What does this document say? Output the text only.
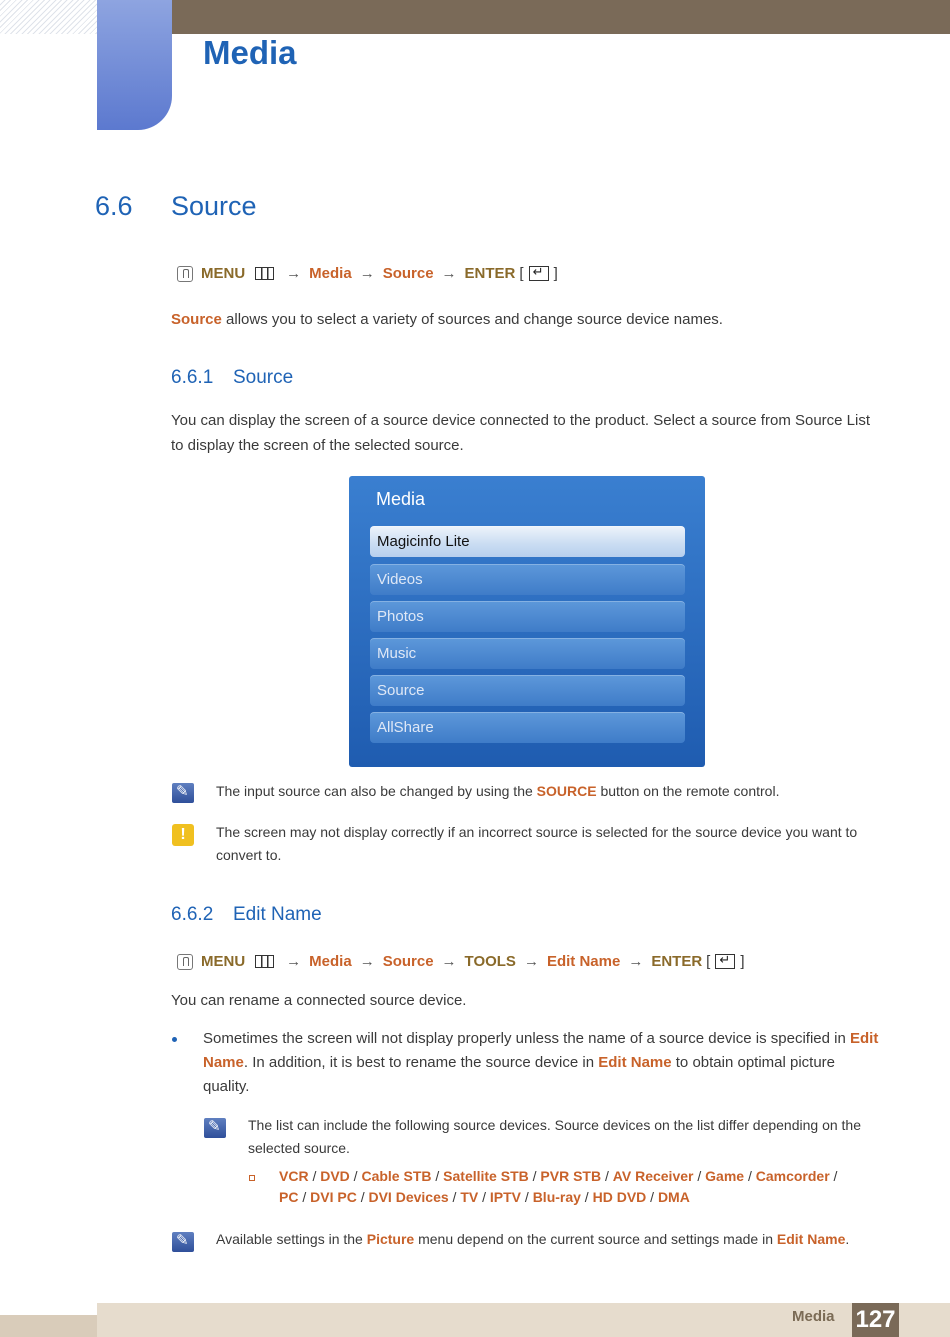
Media
6.6 Source
MENU	→ Media → Source → ENTER [ ↵ ]
Source allows you to select a variety of sources and change source device names.
6.6.1 Source
You can display the screen of a source device connected to the product. Select a source from Source List to display the screen of the selected source.
Media
Magicinfo Lite
Videos
Photos
Music
Source
AllShare
✎
The input source can also be changed by using the SOURCE button on the remote control.
!	The screen may not display correctly if an incorrect source is selected for the source device you want to convert to.
6.6.2 Edit Name
MENU	→ Media → Source → TOOLS → Edit Name → ENTER [ ↵ ]
You can rename a connected source device.
Sometimes the screen will not display properly unless the name of a source device is specified in Edit Name. In addition, it is best to rename the source device in Edit Name to obtain optimal picture quality.
✎
The list can include the following source devices. Source devices on the list differ depending on the selected source.
VCR / DVD / Cable STB / Satellite STB / PVR STB / AV Receiver / Game / Camcorder /
PC / DVI PC / DVI Devices / TV / IPTV / Blu-ray / HD DVD / DMA
✎
Available settings in the Picture menu depend on the current source and settings made in Edit Name.
Media 127
